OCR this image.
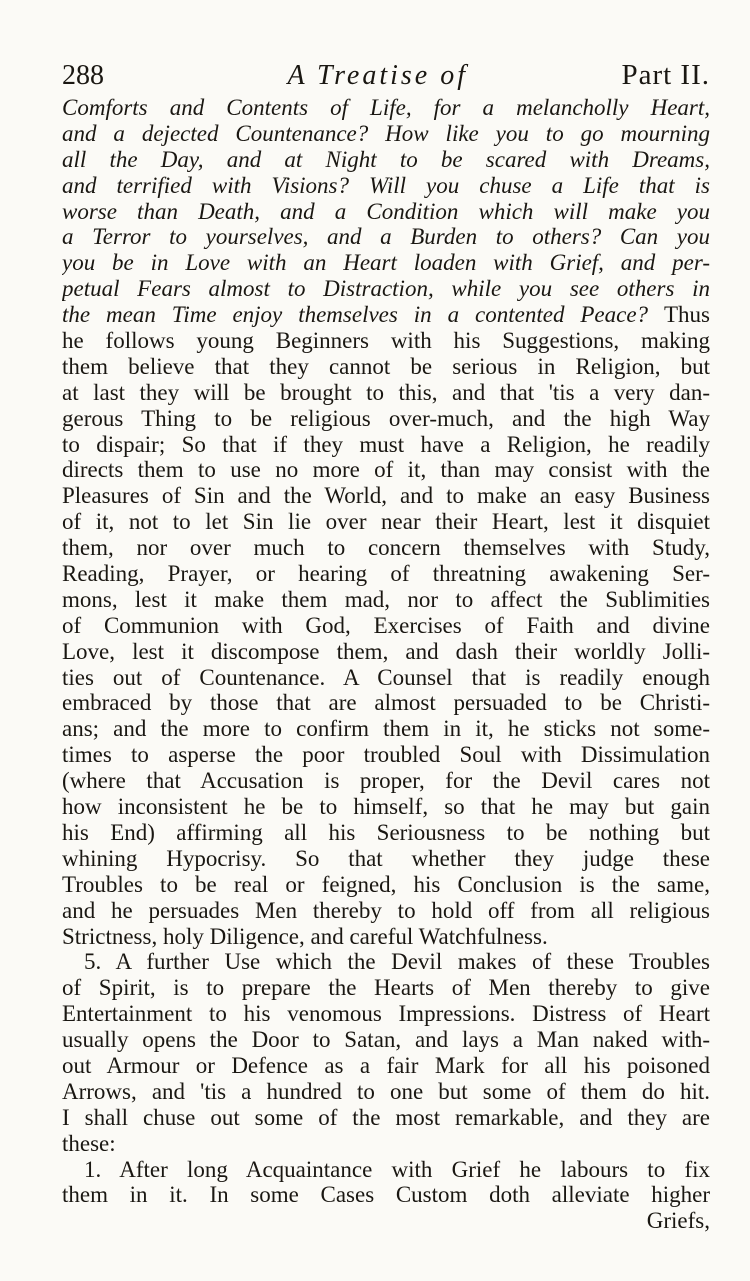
288	A Treatise of	Part II.
Comforts and Contents of Life, for a melancholly Heart,
and a dejected Countenance? How like you to go mourning
all the Day, and at Night to be scared with Dreams,
and terrified with Visions? Will you chuse a Life that is
worse than Death, and a Condition which will make you
a Terror to yourselves, and a Burden to others? Can you
you be in Love with an Heart loaden with Grief, and per-
petual Fears almost to Distraction, while you see others in
the mean Time enjoy themselves in a contented Peace? Thus
he follows young Beginners with his Suggestions, making
them believe that they cannot be serious in Religion, but
at last they will be brought to this, and that 'tis a very dan-
gerous Thing to be religious over-much, and the high Way
to dispair; So that if they must have a Religion, he readily
directs them to use no more of it, than may consist with the
Pleasures of Sin and the World, and to make an easy Business
of it, not to let Sin lie over near their Heart, lest it disquiet
them, nor over much to concern themselves with Study,
Reading, Prayer, or hearing of threatning awakening Ser-
mons, lest it make them mad, nor to affect the Sublimities
of Communion with God, Exercises of Faith and divine
Love, lest it discompose them, and dash their worldly Jolli-
ties out of Countenance. A Counsel that is readily enough
embraced by those that are almost persuaded to be Christi-
ans; and the more to confirm them in it, he sticks not some-
times to asperse the poor troubled Soul with Dissimulation
(where that Accusation is proper, for the Devil cares not
how inconsistent he be to himself, so that he may but gain
his End) affirming all his Seriousness to be nothing but
whining Hypocrisy. So that whether they judge these
Troubles to be real or feigned, his Conclusion is the same,
and he persuades Men thereby to hold off from all religious
Strictness, holy Diligence, and careful Watchfulness.
5. A further Use which the Devil makes of these Troubles
of Spirit, is to prepare the Hearts of Men thereby to give
Entertainment to his venomous Impressions. Distress of Heart
usually opens the Door to Satan, and lays a Man naked with-
out Armour or Defence as a fair Mark for all his poisoned
Arrows, and 'tis a hundred to one but some of them do hit.
I shall chuse out some of the most remarkable, and they are
these:
1. After long Acquaintance with Grief he labours to fix
them in it. In some Cases Custom doth alleviate higher
Griefs,
